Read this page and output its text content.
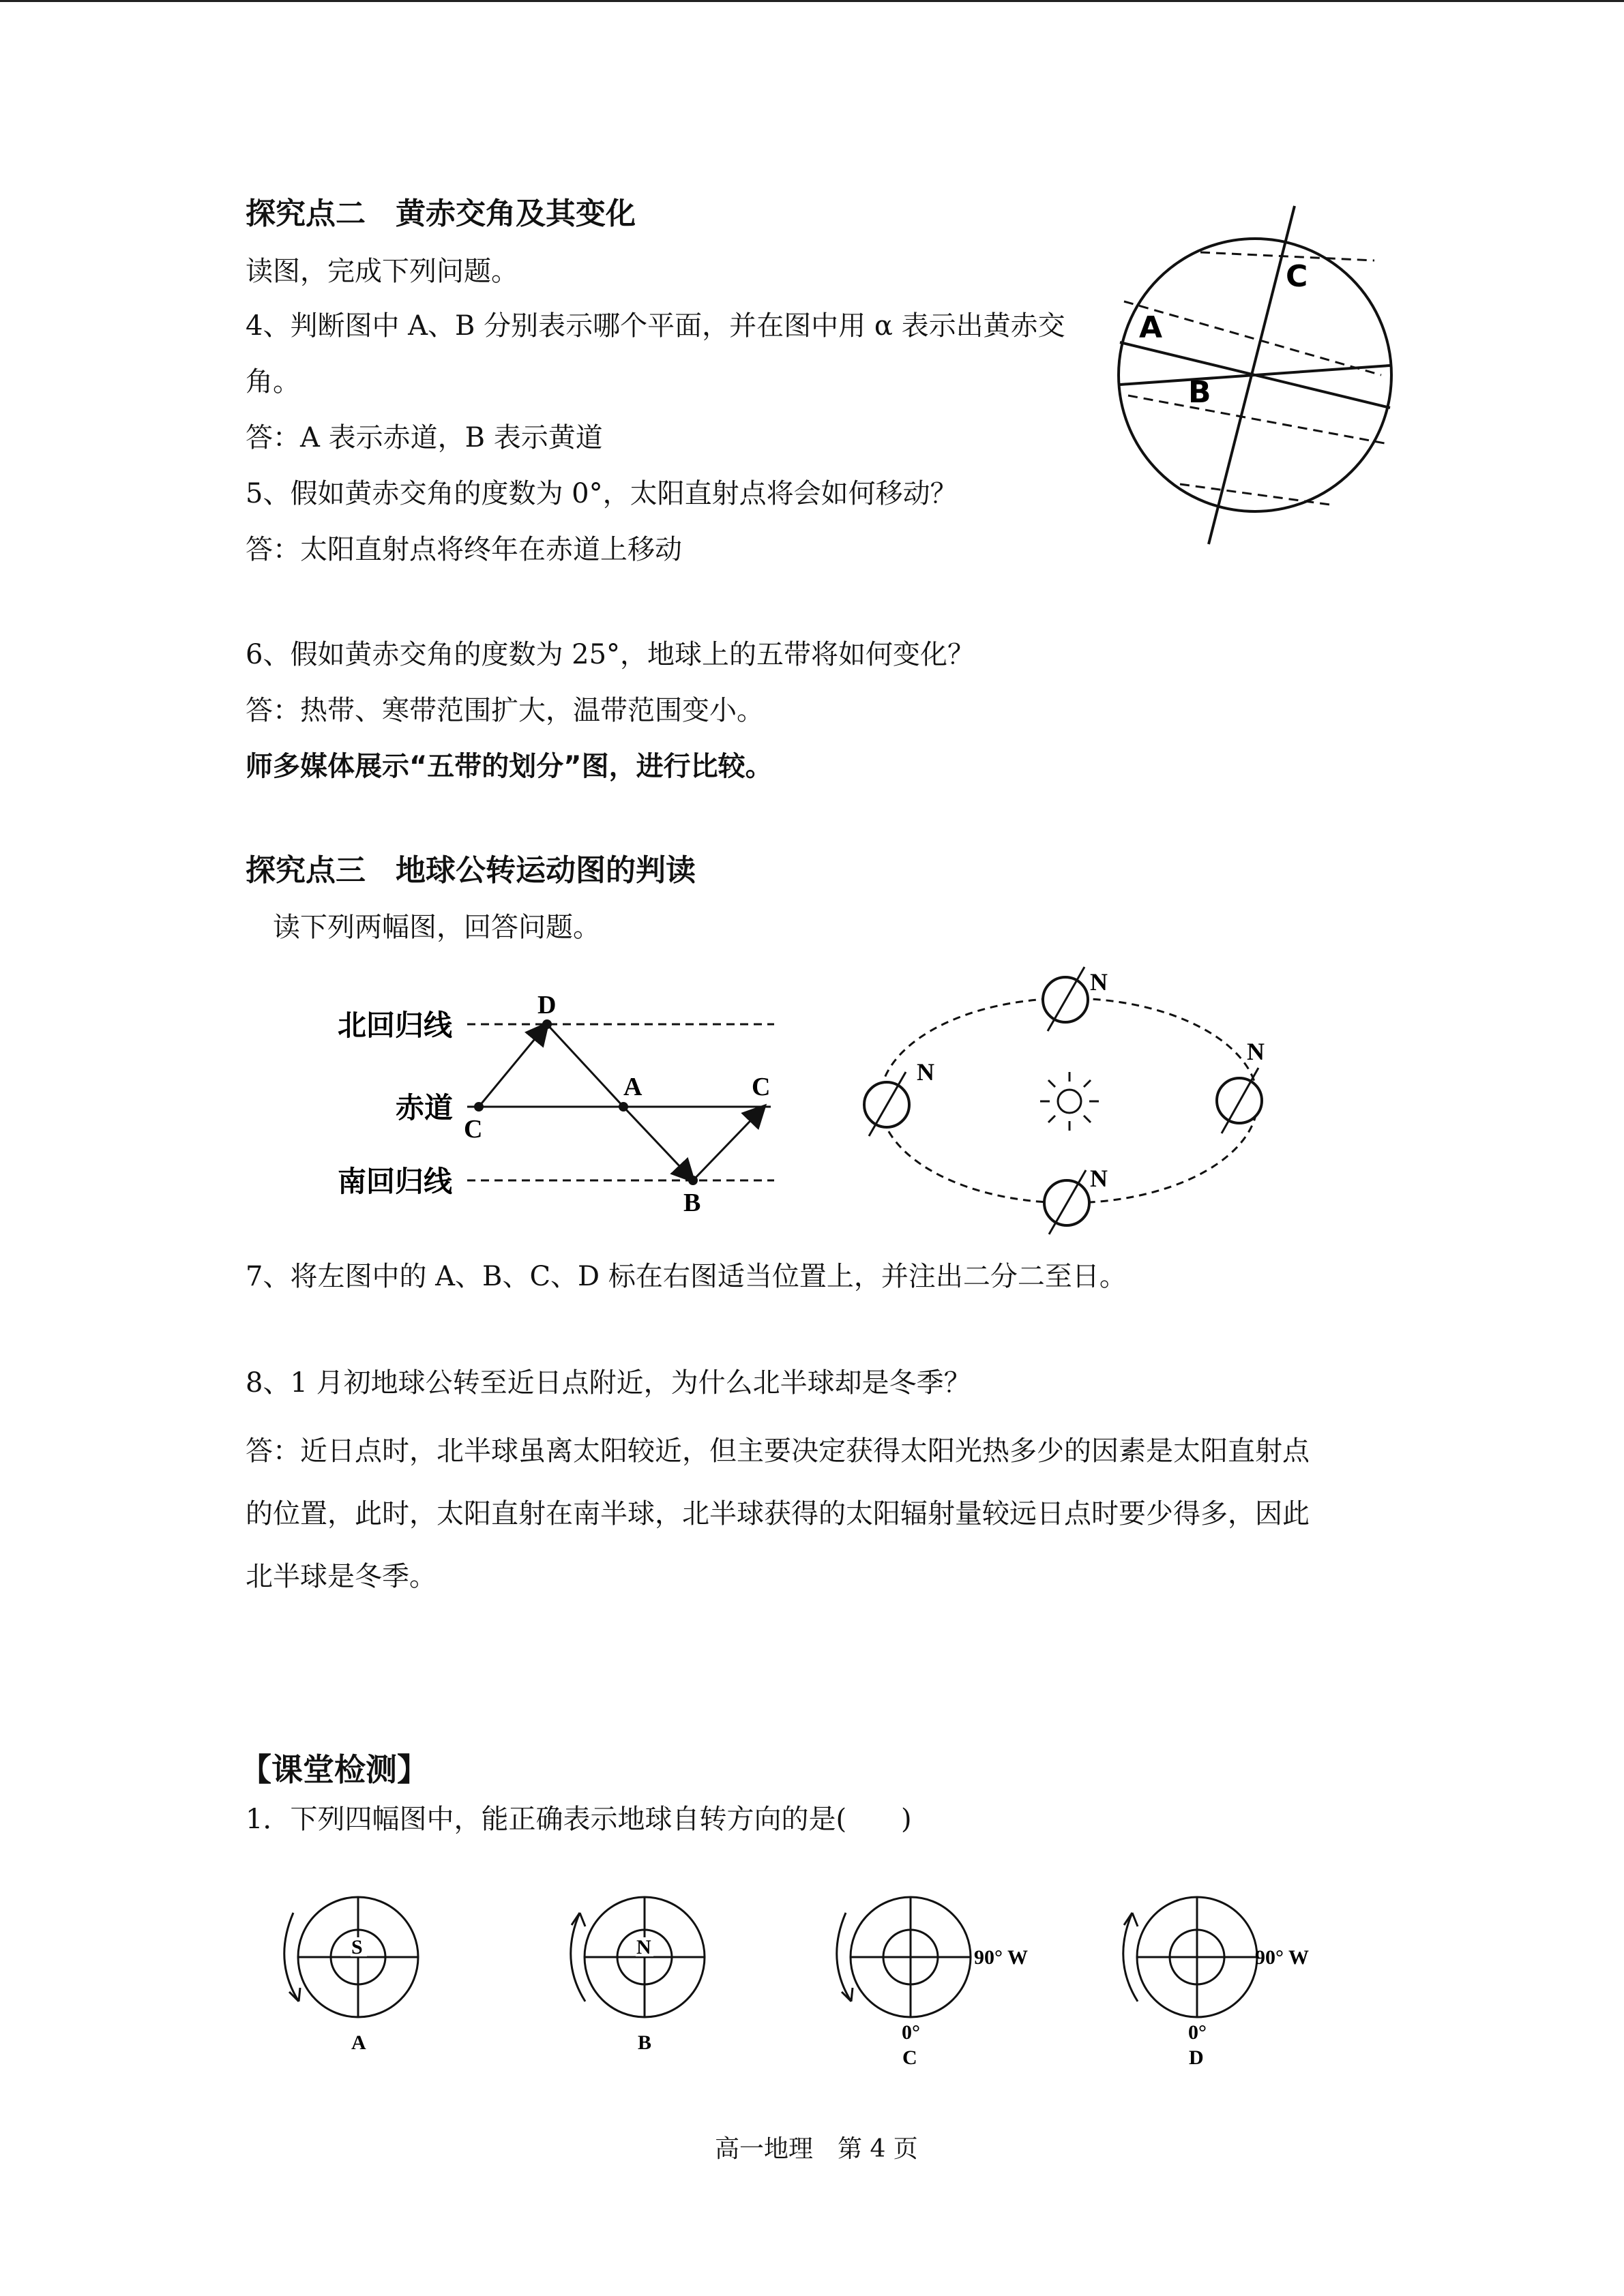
探究点二　黄赤交角及其变化
读图，完成下列问题。
4、判断图中 A、B 分别表示哪个平面，并在图中用 α 表示出黄赤交
角。
答：A 表示赤道，B 表示黄道
5、假如黄赤交角的度数为 0°，太阳直射点将会如何移动？
答：太阳直射点将终年在赤道上移动
6、假如黄赤交角的度数为 25°，地球上的五带将如何变化？
答：热带、寒带范围扩大，温带范围变小。
师多媒体展示“五带的划分”图，进行比较。
C
A
B
探究点三　地球公转运动图的判读
读下列两幅图，回答问题。
北回归线
赤道
南回归线
D
C
A	C
B
N
N
N
N
7、将左图中的 A、B、C、D 标在右图适当位置上，并注出二分二至日。
8、1 月初地球公转至近日点附近，为什么北半球却是冬季？
答：近日点时，北半球虽离太阳较近，但主要决定获得太阳光热多少的因素是太阳直射点
的位置，此时，太阳直射在南半球，北半球获得的太阳辐射量较远日点时要少得多，因此
北半球是冬季。
【课堂检测】
1．下列四幅图中，能正确表示地球自转方向的是(　　)
S
A
N
B
90° W
0°
C
90° W
0°
D
高一地理　第 4 页
